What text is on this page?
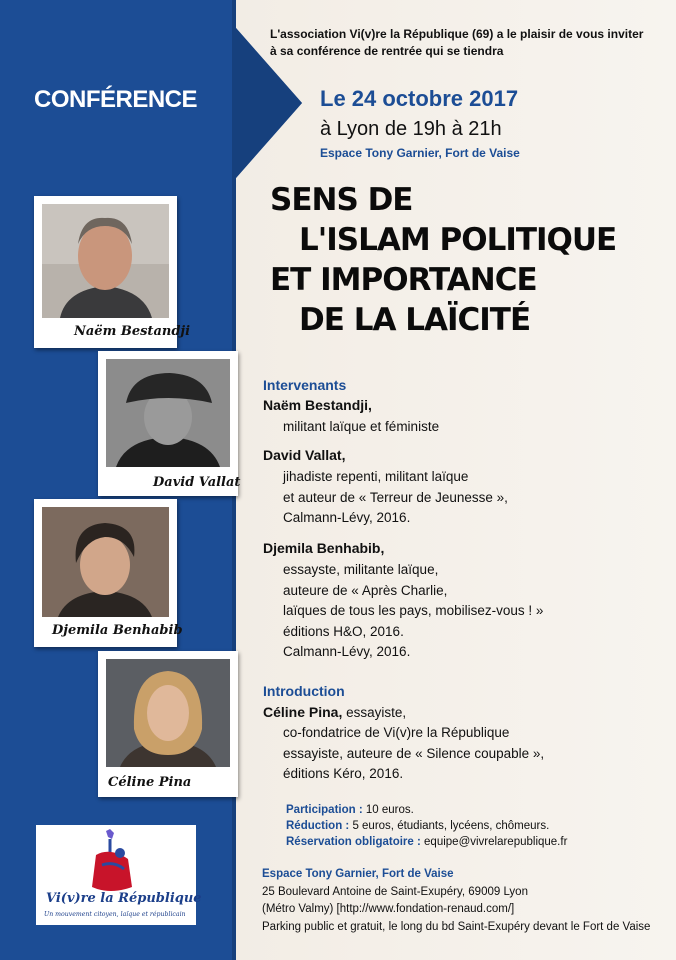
L'association Vi(v)re la République (69) a le plaisir de vous inviter
à sa conférence de rentrée qui se tiendra
CONFÉRENCE	Le 24 octobre 2017
à Lyon de 19h à 21h
Espace Tony Garnier, Fort de Vaise
SENS DE
L'ISLAM POLITIQUE
ET IMPORTANCE
DE LA LAÏCITÉ
Intervenants
Naëm Bestandji,
militant laïque et féministe
David Vallat,
jihadiste repenti, militant laïque
et auteur de « Terreur de Jeunesse »,
Calmann-Lévy, 2016.
Djemila Benhabib,
essayste, militante laïque,
auteure de « Après Charlie,
laïques de tous les pays, mobilisez-vous ! »
éditions H&O, 2016.
Calmann-Lévy, 2016.
Introduction
Céline Pina, essayiste,
co-fondatrice de Vi(v)re la République
essayiste, auteure de « Silence coupable »,
éditions Kéro, 2016.
Participation : 10 euros.
Réduction : 5 euros, étudiants, lycéens, chômeurs.
Réservation obligatoire : equipe@vivrelarepublique.fr
Espace Tony Garnier, Fort de Vaise
25 Boulevard Antoine de Saint-Exupéry, 69009 Lyon
(Métro Valmy) [http://www.fondation-renaud.com/]
Parking public et gratuit, le long du bd Saint-Exupéry devant le Fort de Vaise
Naëm Bestandji
David Vallat
Djemila Benhabib
Céline Pina
Vi(v)re la République
Un mouvement citoyen, laïque et républicain
